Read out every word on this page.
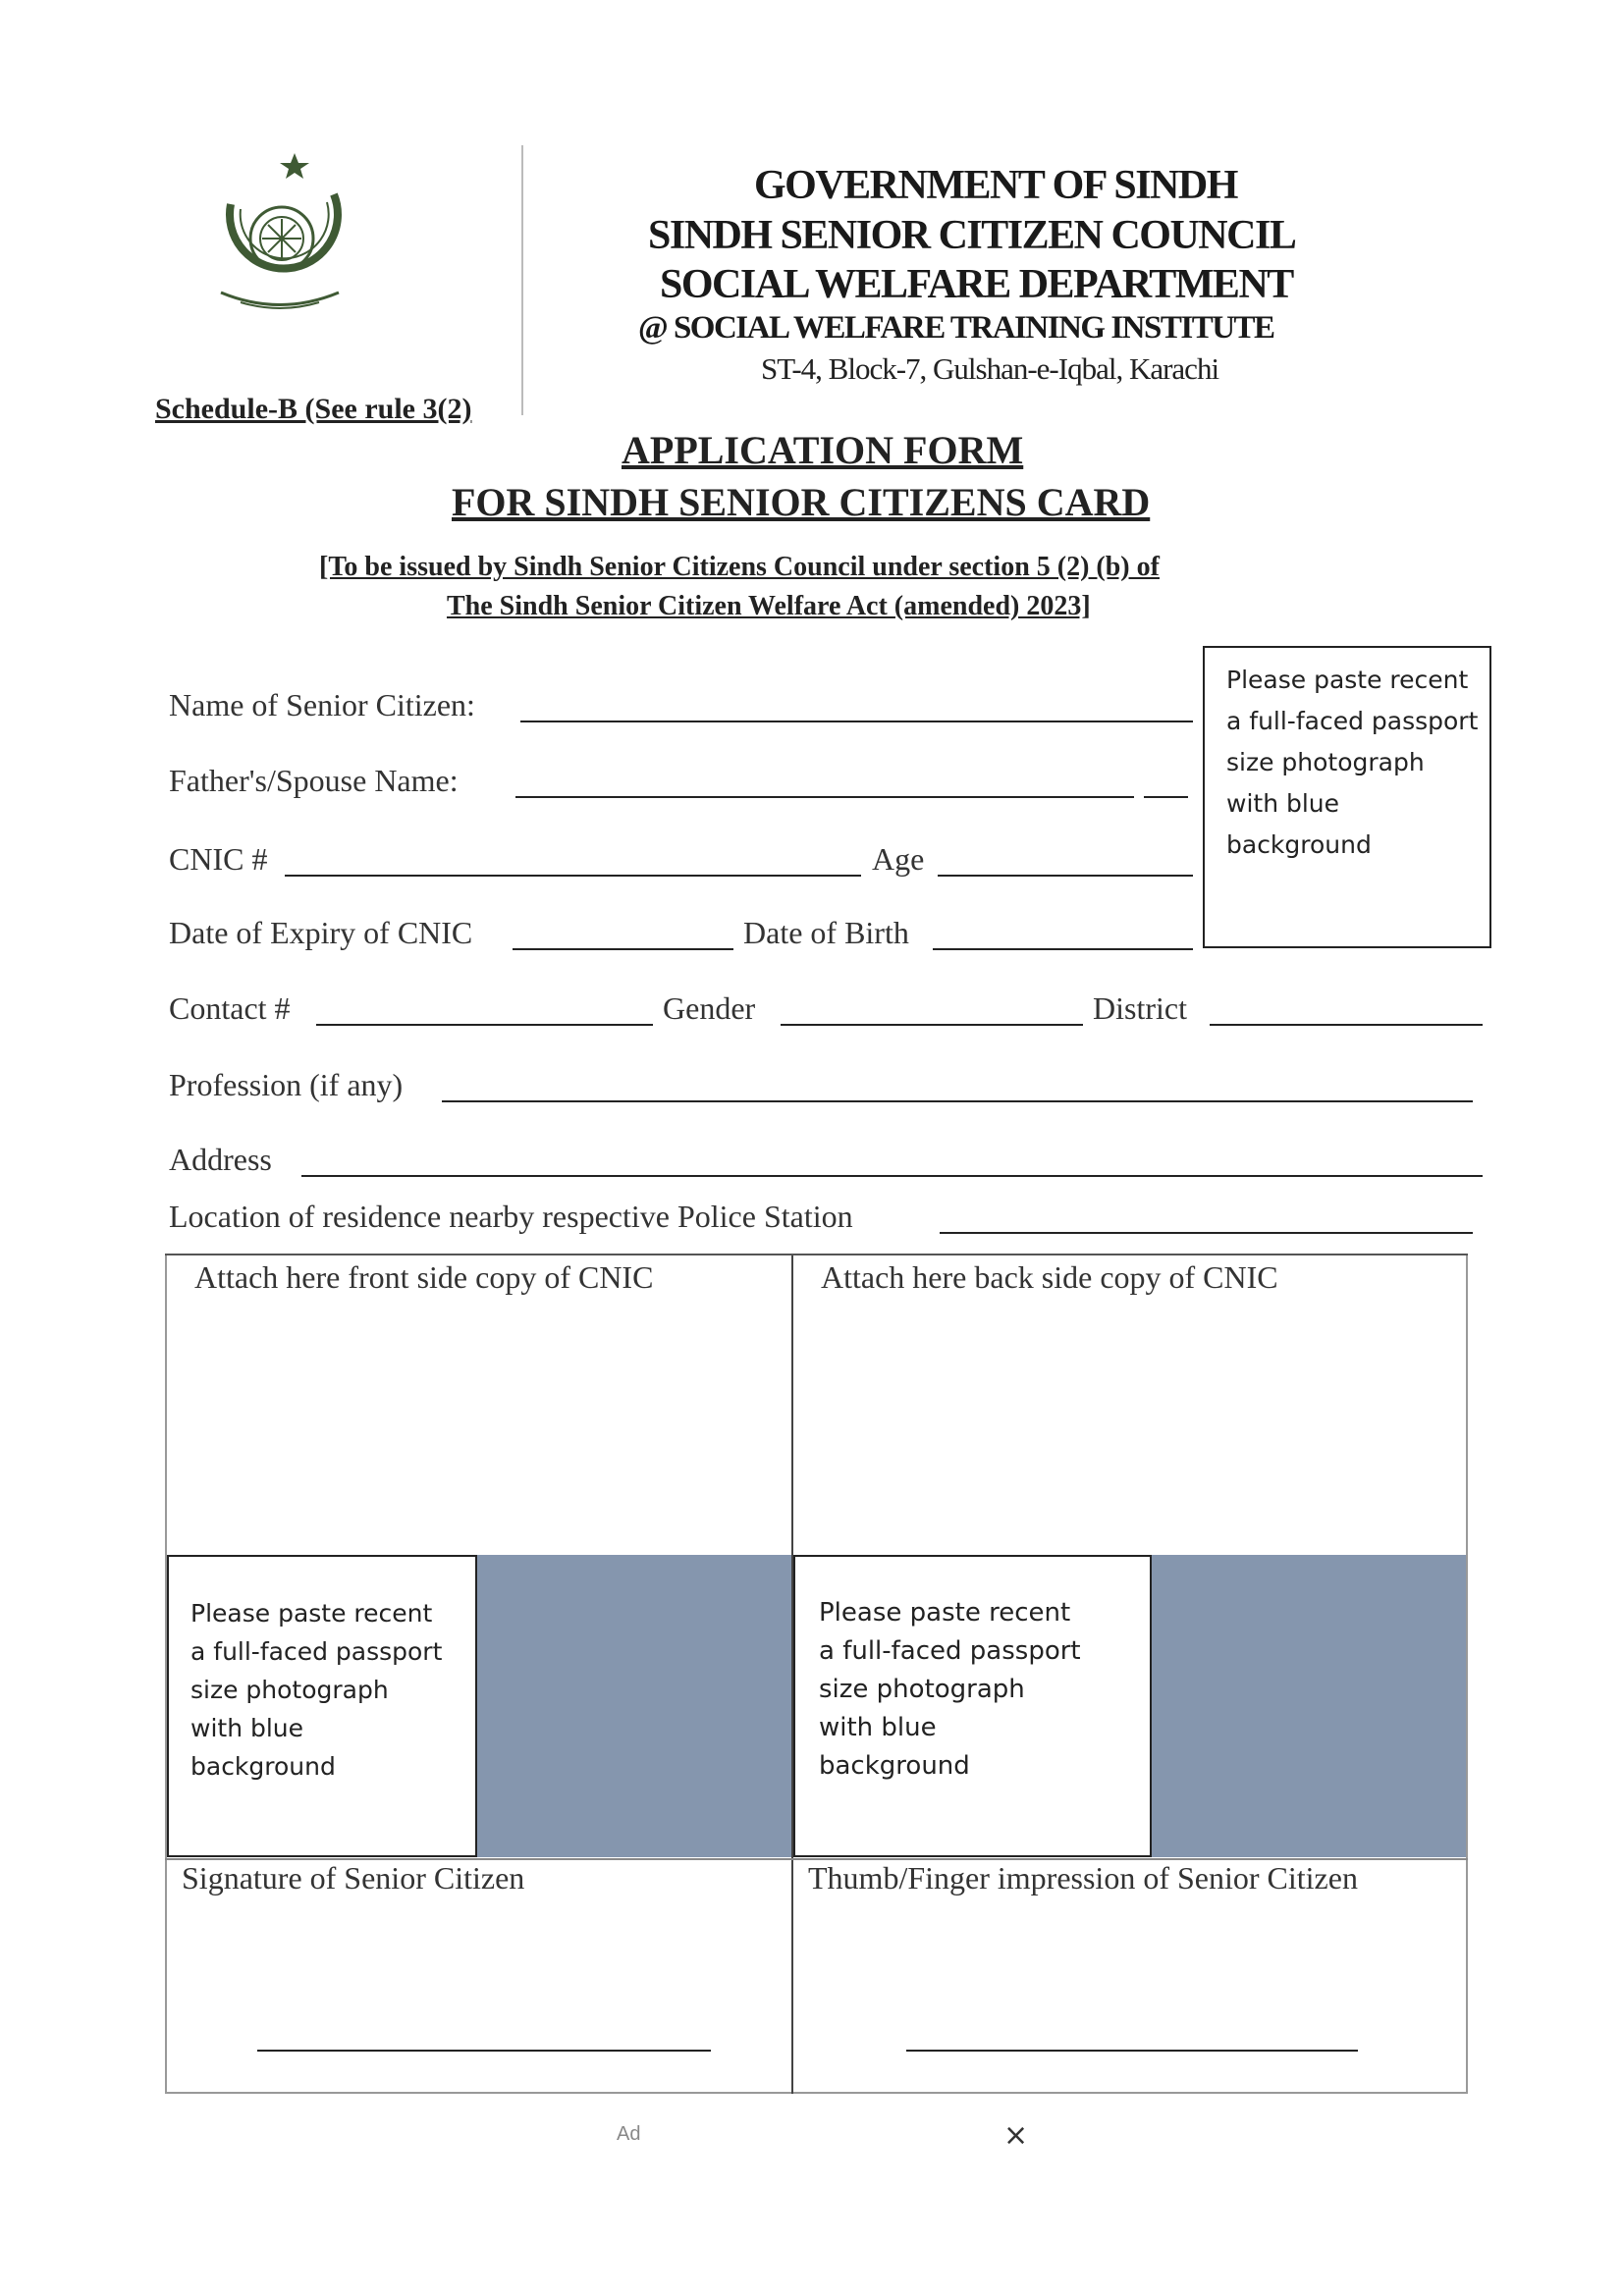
GOVERNMENT OF SINDH
SINDH SENIOR CITIZEN COUNCIL
SOCIAL WELFARE DEPARTMENT
@ SOCIAL WELFARE TRAINING INSTITUTE
ST-4, Block-7, Gulshan-e-Iqbal, Karachi
Schedule-B (See rule 3(2)
APPLICATION FORM
FOR SINDH SENIOR CITIZENS CARD
[To be issued by Sindh Senior Citizens Council under section 5 (2) (b) of
The Sindh Senior Citizen Welfare Act (amended) 2023]
Please paste recent
a full-faced passport
size photograph
with blue
background
Name of Senior Citizen:
Father's/Spouse Name:
CNIC #	Age
Date of Expiry of CNIC	Date of Birth
Contact #	Gender	District
Profession (if any)
Address
Location of residence nearby respective Police Station
Attach here front side copy of CNIC	Attach here back side copy of CNIC
Please paste recent
a full-faced passport
size photograph
with blue
background
Please paste recent
a full-faced passport
size photograph
with blue
background
Signature of Senior Citizen	Thumb/Finger impression of Senior Citizen
Ad	×
